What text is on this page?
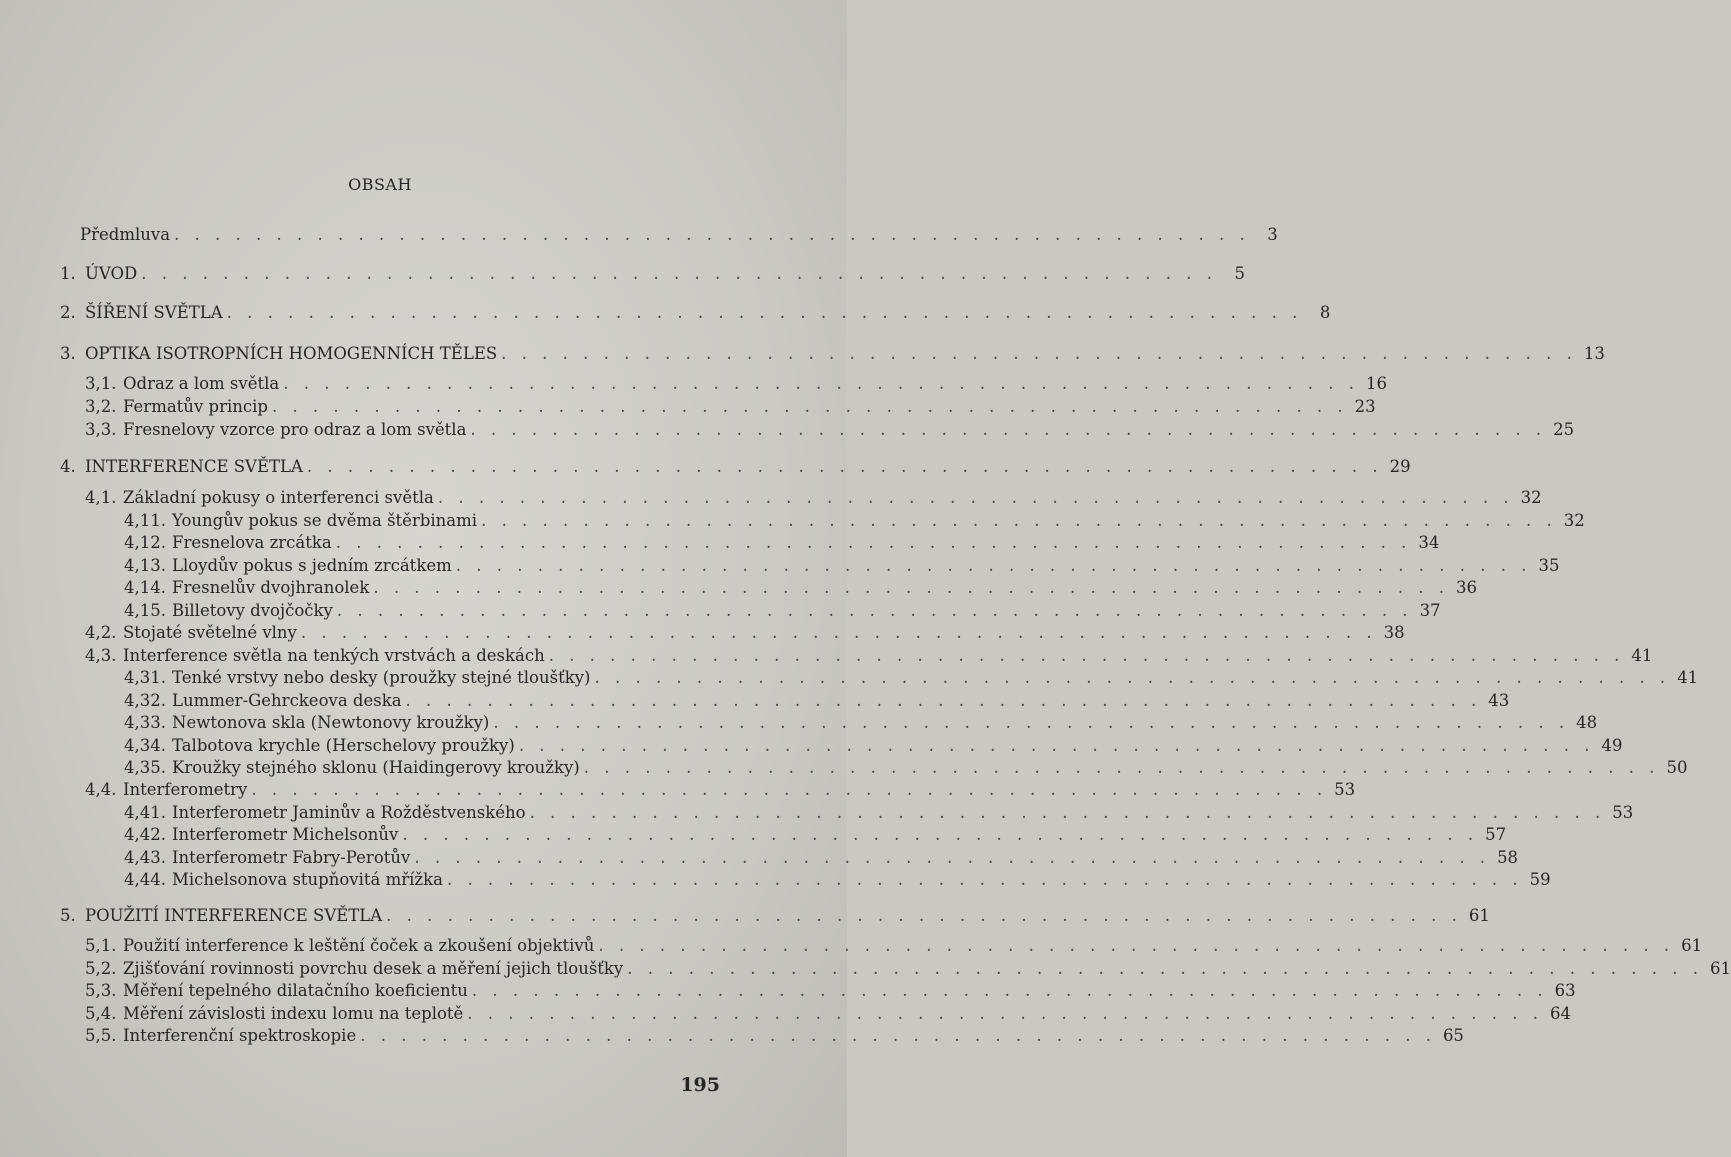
OBSAH
Předmluva . . . . . . . . . . . . . . . . . . . . . . . . . . . . . . . . . . . . . . . . . . . . . . . . . . . . .	3
1. ÚVOD . . . . . . . . . . . . . . . . . . . . . . . . . . . . . . . . . . . . . . . . . . . . . . . . . . . . .	5
2. ŠÍŘENÍ SVĚTLA . . . . . . . . . . . . . . . . . . . . . . . . . . . . . . . . . . . . . . . . . . . . . . . . . . . . .	8
3. OPTIKA ISOTROPNÍCH HOMOGENNÍCH TĚLES . . . . . . . . . . . . . . . . . . . . . . . . . . . . . . . . . . . . . . . . . . . . . . . . . . . . . 13
3,1. Odraz a lom světla . . . . . . . . . . . . . . . . . . . . . . . . . . . . . . . . . . . . . . . . . . . . . . . . . . . . . 16
3,2. Fermatův princip . . . . . . . . . . . . . . . . . . . . . . . . . . . . . . . . . . . . . . . . . . . . . . . . . . . . . 23
3,3. Fresnelovy vzorce pro odraz a lom světla . . . . . . . . . . . . . . . . . . . . . . . . . . . . . . . . . . . . . . . . . . . . . . . . . . . . . 25
4. INTERFERENCE SVĚTLA . . . . . . . . . . . . . . . . . . . . . . . . . . . . . . . . . . . . . . . . . . . . . . . . . . . . . 29
4,1. Základní pokusy o interferenci světla . . . . . . . . . . . . . . . . . . . . . . . . . . . . . . . . . . . . . . . . . . . . . . . . . . . . . 32
4,11. Youngův pokus se dvěma štěrbinami . . . . . . . . . . . . . . . . . . . . . . . . . . . . . . . . . . . . . . . . . . . . . . . . . . . . . 32
4,12. Fresnelova zrcátka . . . . . . . . . . . . . . . . . . . . . . . . . . . . . . . . . . . . . . . . . . . . . . . . . . . . . 34
4,13. Lloydův pokus s jedním zrcátkem . . . . . . . . . . . . . . . . . . . . . . . . . . . . . . . . . . . . . . . . . . . . . . . . . . . . . 35
4,14. Fresnelův dvojhranolek . . . . . . . . . . . . . . . . . . . . . . . . . . . . . . . . . . . . . . . . . . . . . . . . . . . . . 36
4,15. Billetovy dvojčočky . . . . . . . . . . . . . . . . . . . . . . . . . . . . . . . . . . . . . . . . . . . . . . . . . . . . . 37
4,2. Stojaté světelné vlny . . . . . . . . . . . . . . . . . . . . . . . . . . . . . . . . . . . . . . . . . . . . . . . . . . . . . 38
4,3. Interference světla na tenkých vrstvách a deskách . . . . . . . . . . . . . . . . . . . . . . . . . . . . . . . . . . . . . . . . . . . . . . . . . . . . . 41
4,31. Tenké vrstvy nebo desky (proužky stejné tloušťky) . . . . . . . . . . . . . . . . . . . . . . . . . . . . . . . . . . . . . . . . . . . . . . . . . . . . . 41
4,32. Lummer-Gehrckeova deska . . . . . . . . . . . . . . . . . . . . . . . . . . . . . . . . . . . . . . . . . . . . . . . . . . . . . 43
4,33. Newtonova skla (Newtonovy kroužky) . . . . . . . . . . . . . . . . . . . . . . . . . . . . . . . . . . . . . . . . . . . . . . . . . . . . . 48
4,34. Talbotova krychle (Herschelovy proužky) . . . . . . . . . . . . . . . . . . . . . . . . . . . . . . . . . . . . . . . . . . . . . . . . . . . . . 49
4,35. Kroužky stejného sklonu (Haidingerovy kroužky) . . . . . . . . . . . . . . . . . . . . . . . . . . . . . . . . . . . . . . . . . . . . . . . . . . . . . 50
4,4. Interferometry . . . . . . . . . . . . . . . . . . . . . . . . . . . . . . . . . . . . . . . . . . . . . . . . . . . . . 53
4,41. Interferometr Jaminův a Rožděstvenského . . . . . . . . . . . . . . . . . . . . . . . . . . . . . . . . . . . . . . . . . . . . . . . . . . . . . 53
4,42. Interferometr Michelsonův . . . . . . . . . . . . . . . . . . . . . . . . . . . . . . . . . . . . . . . . . . . . . . . . . . . . . 57
4,43. Interferometr Fabry-Perotův . . . . . . . . . . . . . . . . . . . . . . . . . . . . . . . . . . . . . . . . . . . . . . . . . . . . . 58
4,44. Michelsonova stupňovitá mřížka . . . . . . . . . . . . . . . . . . . . . . . . . . . . . . . . . . . . . . . . . . . . . . . . . . . . . 59
5. POUŽITÍ INTERFERENCE SVĚTLA . . . . . . . . . . . . . . . . . . . . . . . . . . . . . . . . . . . . . . . . . . . . . . . . . . . . . 61
5,1. Použití interference k leštění čoček a zkoušení objektivů . . . . . . . . . . . . . . . . . . . . . . . . . . . . . . . . . . . . . . . . . . . . . . . . . . . . . 61
5,2. Zjišťování rovinnosti povrchu desek a měření jejich tloušťky . . . . . . . . . . . . . . . . . . . . . . . . . . . . . . . . . . . . . . . . . . . . . . . . . . . . . 61
5,3. Měření tepelného dilatačního koeficientu . . . . . . . . . . . . . . . . . . . . . . . . . . . . . . . . . . . . . . . . . . . . . . . . . . . . . 63
5,4. Měření závislosti indexu lomu na teplotě . . . . . . . . . . . . . . . . . . . . . . . . . . . . . . . . . . . . . . . . . . . . . . . . . . . . . 64
5,5. Interferenční spektroskopie . . . . . . . . . . . . . . . . . . . . . . . . . . . . . . . . . . . . . . . . . . . . . . . . . . . . . 65
195
